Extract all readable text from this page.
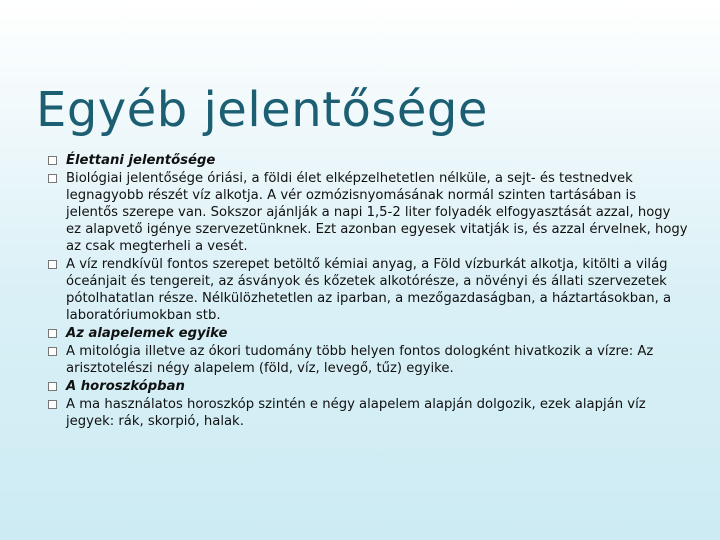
Egyéb jelentősége
Élettani jelentősége
Biológiai jelentősége óriási, a földi élet elképzelhetetlen nélküle, a sejt- és testnedvek legnagyobb részét víz alkotja. A vér ozmózisnyomásának normál szinten tartásában is jelentős szerepe van. Sokszor ajánlják a napi 1,5-2 liter folyadék elfogyasztását azzal, hogy ez alapvető igénye szervezetünknek. Ezt azonban egyesek vitatják is, és azzal érvelnek, hogy az csak megterheli a vesét.
A víz rendkívül fontos szerepet betöltő kémiai anyag, a Föld vízburkát alkotja, kitölti a világ óceánjait és tengereit, az ásványok és kőzetek alkotórésze, a növényi és állati szervezetek pótolhatatlan része. Nélkülözhetetlen az iparban, a mezőgazdaságban, a háztartásokban, a laboratóriumokban stb.
Az alapelemek egyike
A mitológia illetve az ókori tudomány több helyen fontos dologként hivatkozik a vízre: Az arisztotelészi négy alapelem (föld, víz, levegő, tűz) egyike.
A horoszkópban
A ma használatos horoszkóp szintén e négy alapelem alapján dolgozik, ezek alapján víz jegyek: rák, skorpió, halak.
